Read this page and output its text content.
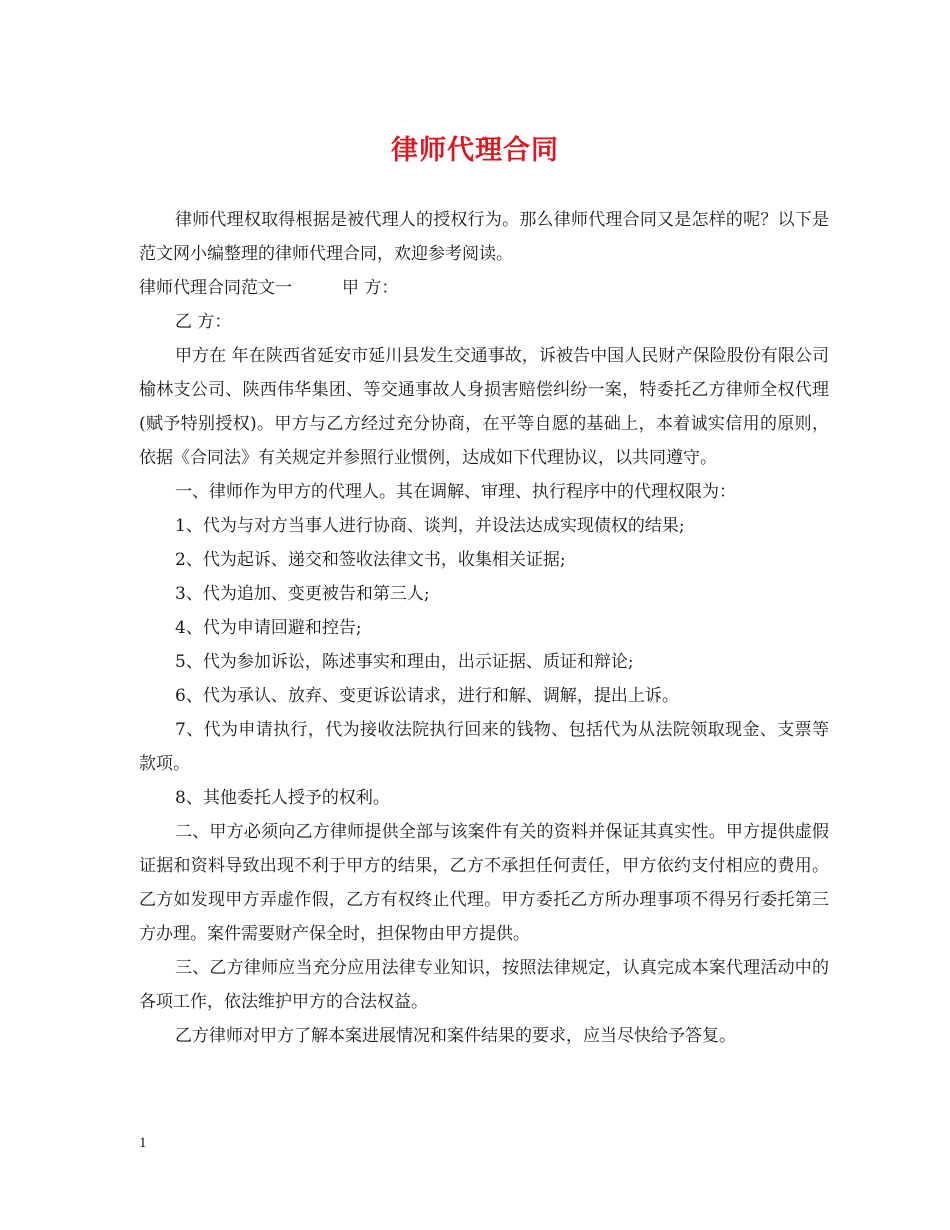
律师代理合同

律师代理权取得根据是被代理人的授权行为。那么律师代理合同又是怎样的呢？以下是范文网小编整理的律师代理合同，欢迎参考阅读。

律师代理合同范文一	甲 方：

乙 方：

甲方在 年在陕西省延安市延川县发生交通事故，诉被告中国人民财产保险股份有限公司榆林支公司、陕西伟华集团、等交通事故人身损害赔偿纠纷一案，特委托乙方律师全权代理(赋予特别授权)。甲方与乙方经过充分协商，在平等自愿的基础上，本着诚实信用的原则，依据《合同法》有关规定并参照行业惯例，达成如下代理协议，以共同遵守。

一、律师作为甲方的代理人。其在调解、审理、执行程序中的代理权限为：

1、代为与对方当事人进行协商、谈判，并设法达成实现债权的结果;

2、代为起诉、递交和签收法律文书，收集相关证据;

3、代为追加、变更被告和第三人;

4、代为申请回避和控告;

5、代为参加诉讼，陈述事实和理由，出示证据、质证和辩论;

6、代为承认、放弃、变更诉讼请求，进行和解、调解，提出上诉。

7、代为申请执行，代为接收法院执行回来的钱物、包括代为从法院领取现金、支票等款项。

8、其他委托人授予的权利。

二、甲方必须向乙方律师提供全部与该案件有关的资料并保证其真实性。甲方提供虚假证据和资料导致出现不利于甲方的结果，乙方不承担任何责任，甲方依约支付相应的费用。乙方如发现甲方弄虚作假，乙方有权终止代理。甲方委托乙方所办理事项不得另行委托第三方办理。案件需要财产保全时，担保物由甲方提供。

三、乙方律师应当充分应用法律专业知识，按照法律规定，认真完成本案代理活动中的各项工作，依法维护甲方的合法权益。

乙方律师对甲方了解本案进展情况和案件结果的要求，应当尽快给予答复。

1
